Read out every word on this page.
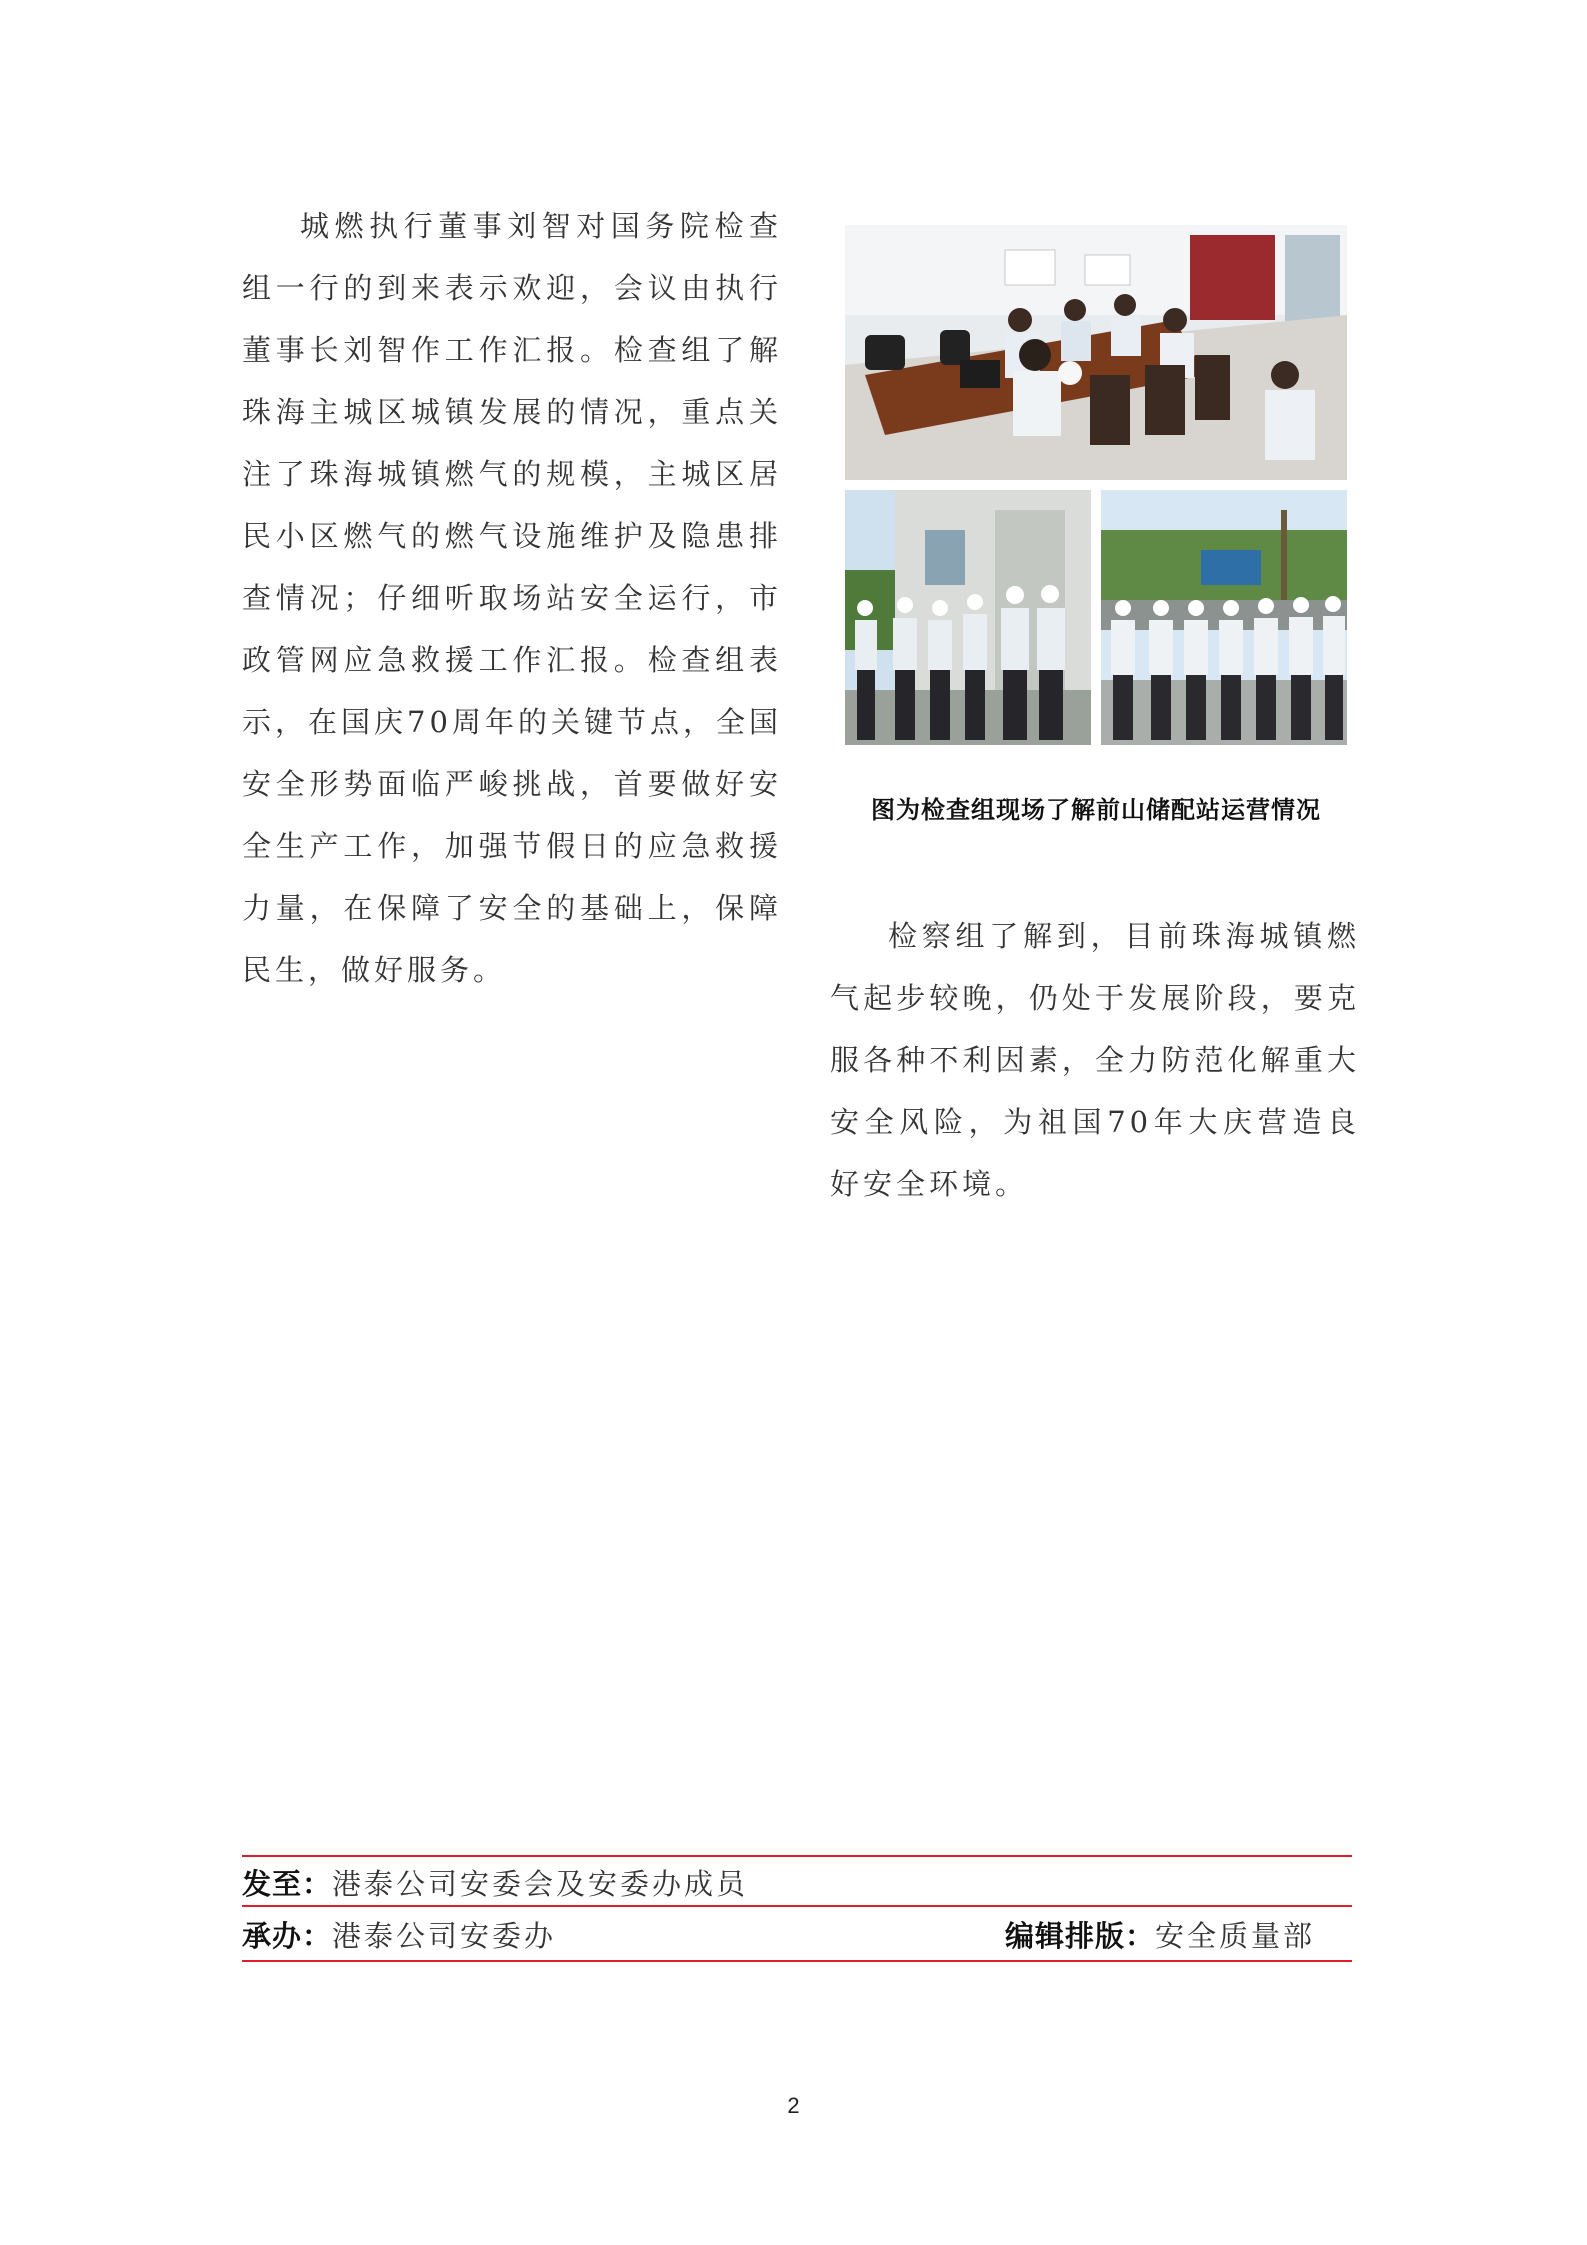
城燃执行董事刘智对国务院检查组一行的到来表示欢迎，会议由执行董事长刘智作工作汇报。检查组了解珠海主城区城镇发展的情况，重点关注了珠海城镇燃气的规模，主城区居民小区燃气的燃气设施维护及隐患排查情况；仔细听取场站安全运行，市政管网应急救援工作汇报。检查组表示，在国庆70周年的关键节点，全国安全形势面临严峻挑战，首要做好安全生产工作，加强节假日的应急救援力量，在保障了安全的基础上，保障民生，做好服务。

图为检查组现场了解前山储配站运营情况

检察组了解到，目前珠海城镇燃气起步较晚，仍处于发展阶段，要克服各种不利因素，全力防范化解重大安全风险，为祖国70年大庆营造良好安全环境。

发至：港泰公司安委会及安委办成员
承办：港泰公司安委办	编辑排版：安全质量部
2
